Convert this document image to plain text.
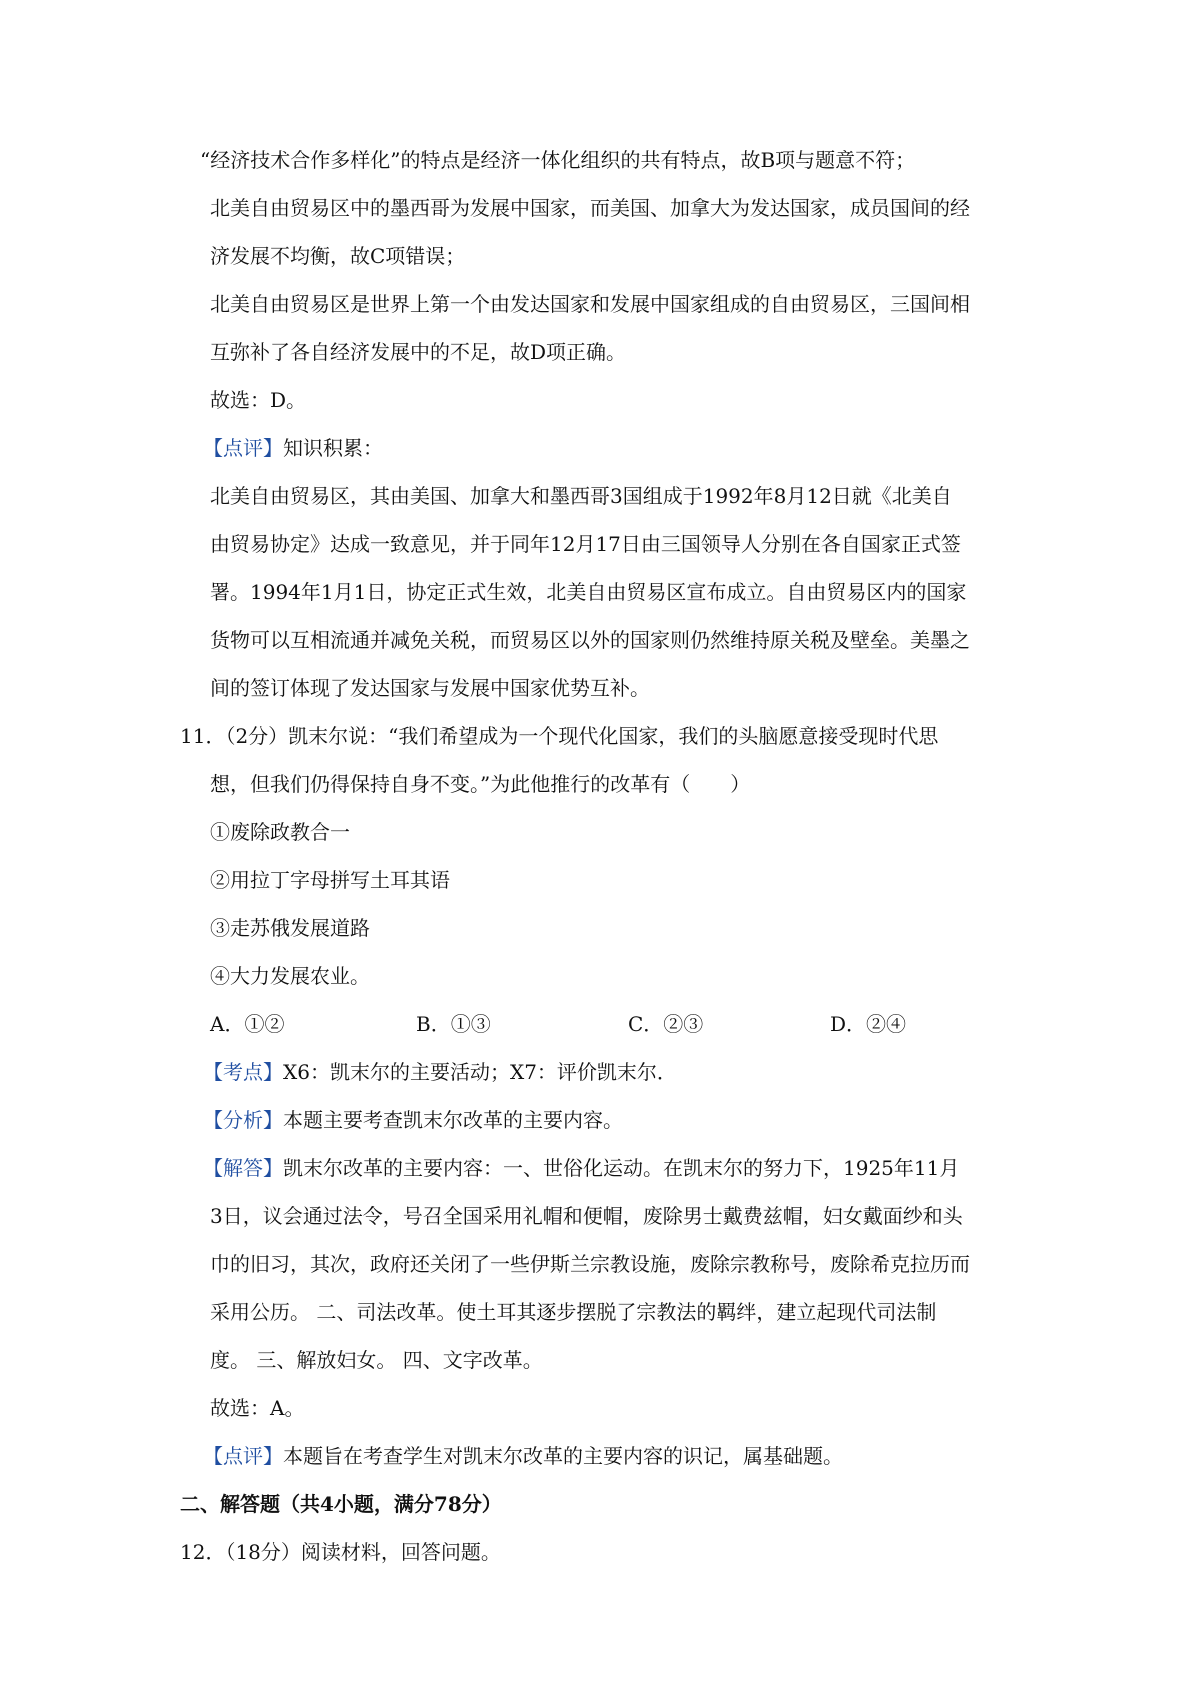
“经济技术合作多样化”的特点是经济一体化组织的共有特点，故B项与题意不符；
北美自由贸易区中的墨西哥为发展中国家，而美国、加拿大为发达国家，成员国间的经
济发展不均衡，故C项错误；
北美自由贸易区是世界上第一个由发达国家和发展中国家组成的自由贸易区，三国间相
互弥补了各自经济发展中的不足，故D项正确。
故选：D。
【点评】知识积累：
北美自由贸易区，其由美国、加拿大和墨西哥3国组成于1992年8月12日就《北美自
由贸易协定》达成一致意见，并于同年12月17日由三国领导人分别在各自国家正式签
署。1994年1月1日，协定正式生效，北美自由贸易区宣布成立。自由贸易区内的国家
货物可以互相流通并减免关税，而贸易区以外的国家则仍然维持原关税及壁垒。美墨之
间的签订体现了发达国家与发展中国家优势互补。
11．（2分）凯末尔说：“我们希望成为一个现代化国家，我们的头脑愿意接受现时代思
想，但我们仍得保持自身不变。”为此他推行的改革有（　　）
①废除政教合一
②用拉丁字母拼写土耳其语
③走苏俄发展道路
④大力发展农业。
A．①②	B．①③	C．②③	D．②④
【考点】X6：凯末尔的主要活动；X7：评价凯末尔．
【分析】本题主要考查凯末尔改革的主要内容。
【解答】凯末尔改革的主要内容：一、世俗化运动。在凯末尔的努力下，1925年11月
3日，议会通过法令，号召全国采用礼帽和便帽，废除男士戴费兹帽，妇女戴面纱和头
巾的旧习，其次，政府还关闭了一些伊斯兰宗教设施，废除宗教称号，废除希克拉历而
采用公历。 二、司法改革。使土耳其逐步摆脱了宗教法的羁绊，建立起现代司法制
度。 三、解放妇女。 四、文字改革。
故选：A。
【点评】本题旨在考查学生对凯末尔改革的主要内容的识记，属基础题。
二、解答题（共4小题，满分78分）
12．（18分）阅读材料，回答问题。
